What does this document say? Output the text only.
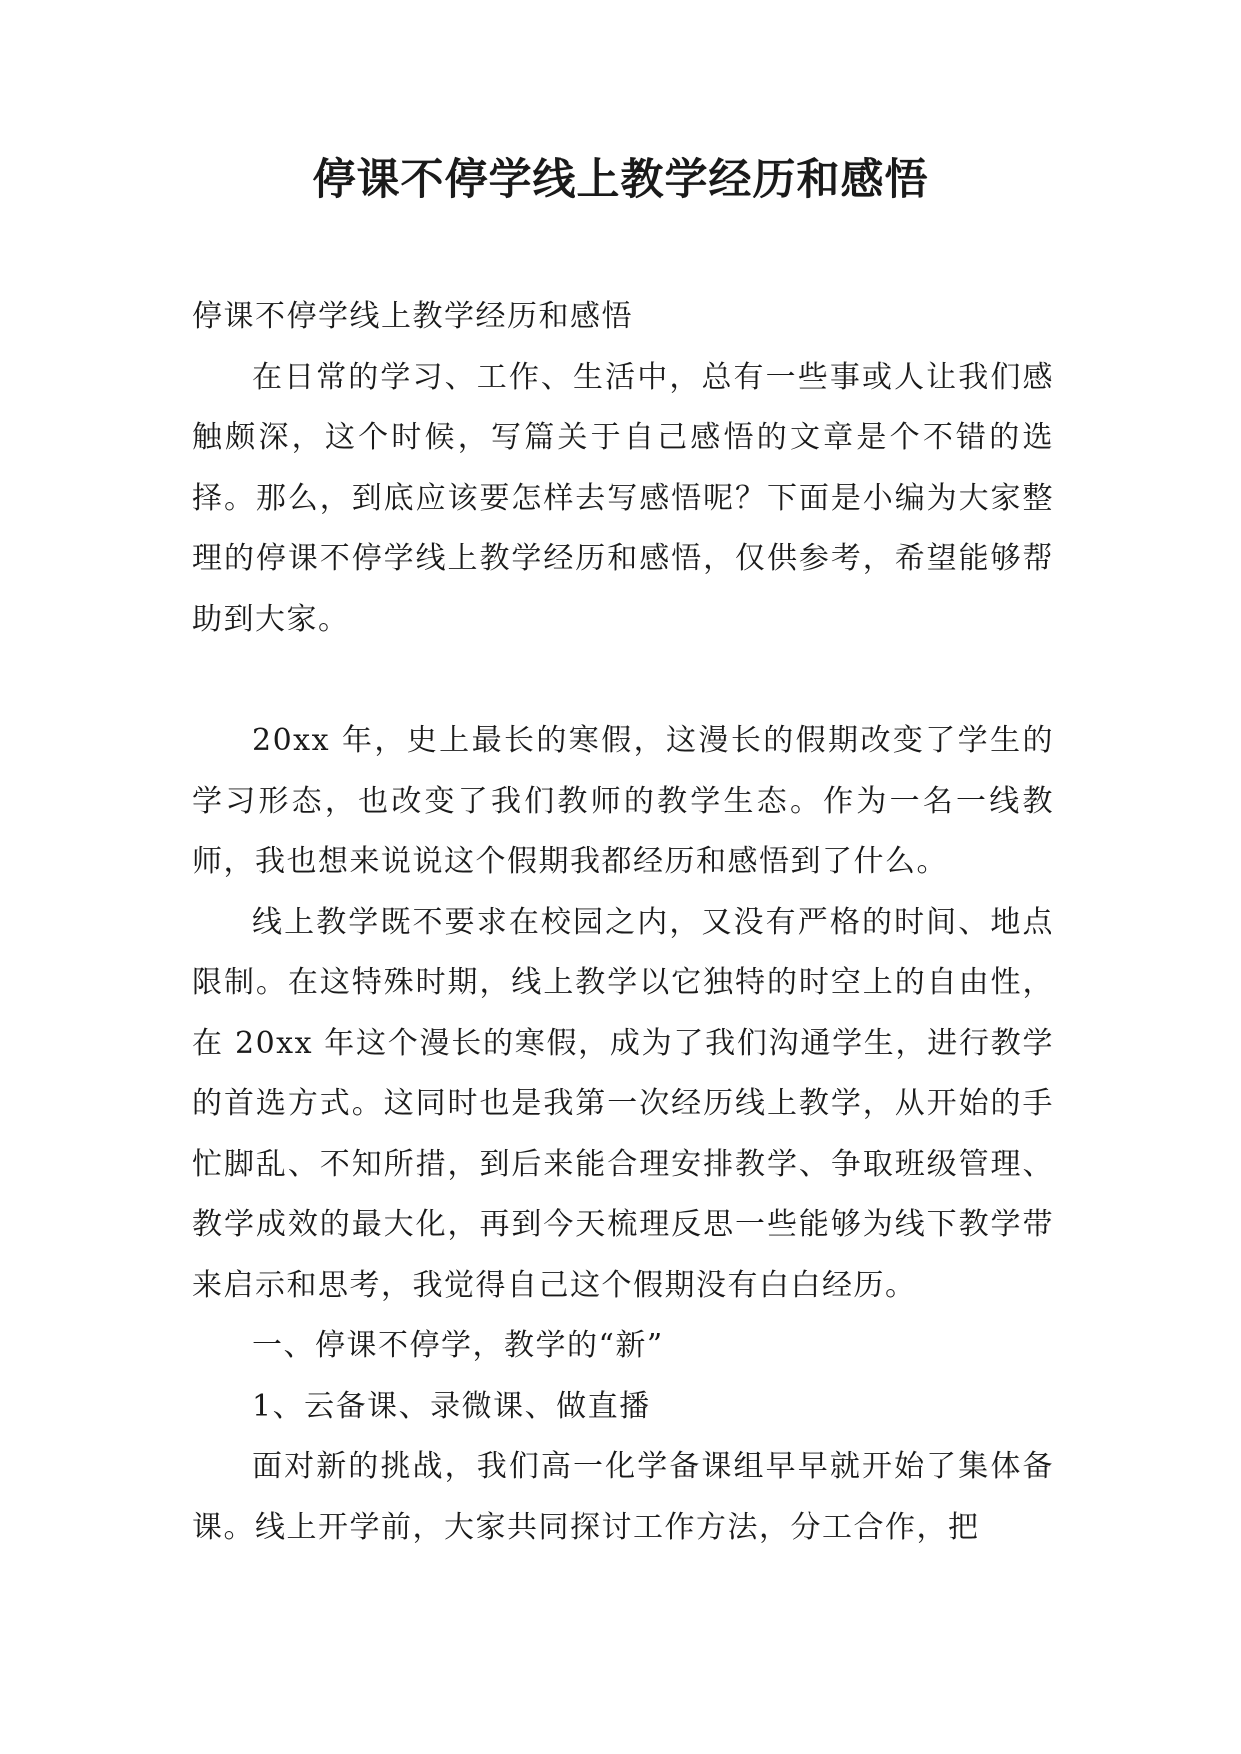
停课不停学线上教学经历和感悟

停课不停学线上教学经历和感悟

在日常的学习、工作、生活中，总有一些事或人让我们感触颇深，这个时候，写篇关于自己感悟的文章是个不错的选择。那么，到底应该要怎样去写感悟呢？下面是小编为大家整理的停课不停学线上教学经历和感悟，仅供参考，希望能够帮助到大家。

20xx 年，史上最长的寒假，这漫长的假期改变了学生的学习形态，也改变了我们教师的教学生态。作为一名一线教师，我也想来说说这个假期我都经历和感悟到了什么。

线上教学既不要求在校园之内，又没有严格的时间、地点限制。在这特殊时期，线上教学以它独特的时空上的自由性，在 20xx 年这个漫长的寒假，成为了我们沟通学生，进行教学的首选方式。这同时也是我第一次经历线上教学，从开始的手忙脚乱、不知所措，到后来能合理安排教学、争取班级管理、教学成效的最大化，再到今天梳理反思一些能够为线下教学带来启示和思考，我觉得自己这个假期没有白白经历。

一、停课不停学，教学的“新”

1、云备课、录微课、做直播

面对新的挑战，我们高一化学备课组早早就开始了集体备课。线上开学前，大家共同探讨工作方法，分工合作，把
